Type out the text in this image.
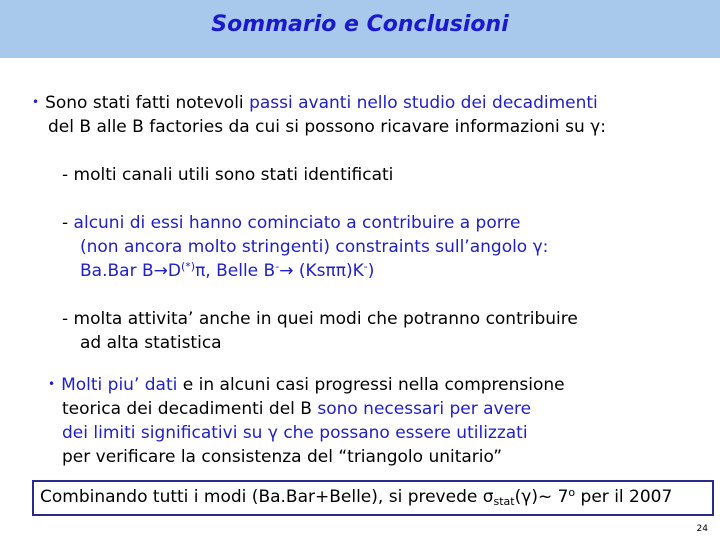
Sommario e Conclusioni
• Sono stati fatti notevoli passi avanti nello studio dei decadimenti
del B alle B factories da cui si possono ricavare informazioni su γ:
- molti canali utili sono stati identificati
- alcuni di essi hanno cominciato a contribuire a porre
(non ancora molto stringenti) constraints sull’angolo γ:
Ba.Bar B→D(*)π, Belle B-→ (Ksππ)K-)
- molta attivita’ anche in quei modi che potranno contribuire
ad alta statistica
• Molti piu’ dati e in alcuni casi progressi nella comprensione
teorica dei decadimenti del B sono necessari per avere
dei limiti significativi su γ che possano essere utilizzati
per verificare la consistenza del “triangolo unitario”
Combinando tutti i modi (Ba.Bar+Belle), si prevede σstat(γ)~ 7$^o$ per il 2007
24
